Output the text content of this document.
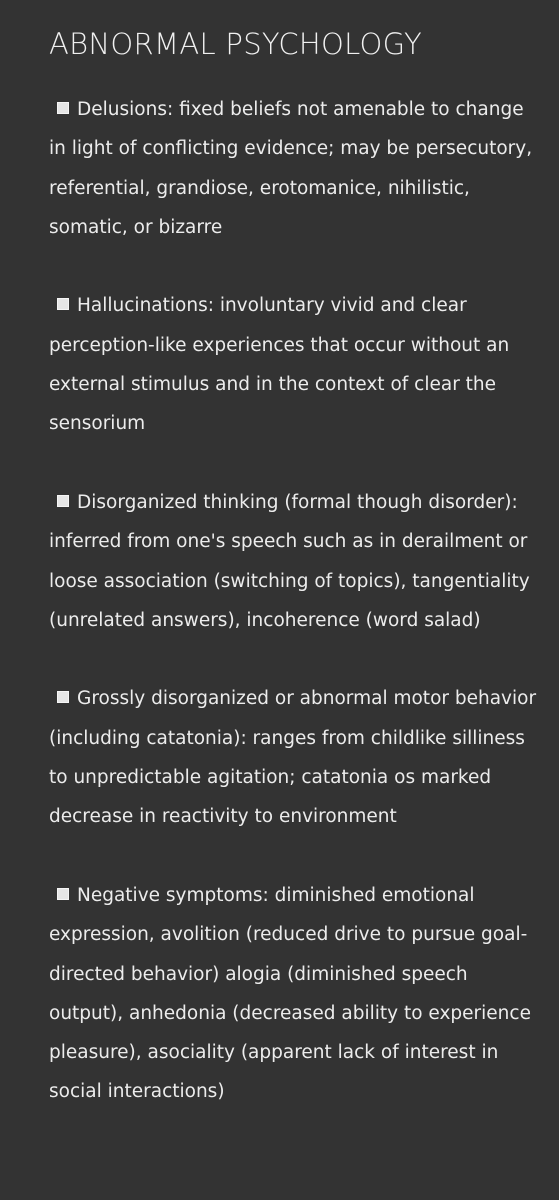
ABNORMAL PSYCHOLOGY

Delusions: fixed beliefs not amenable to change in light of conflicting evidence; may be persecutory, referential, grandiose, erotomanice, nihilistic, somatic, or bizarre

Hallucinations: involuntary vivid and clear perception-like experiences that occur without an external stimulus and in the context of clear the sensorium

Disorganized thinking (formal though disorder): inferred from one's speech such as in derailment or loose association (switching of topics), tangentiality (unrelated answers), incoherence (word salad)

Grossly disorganized or abnormal motor behavior (including catatonia): ranges from childlike silliness to unpredictable agitation; catatonia os marked decrease in reactivity to environment

Negative symptoms: diminished emotional expression, avolition (reduced drive to pursue goal-directed behavior) alogia (diminished speech output), anhedonia (decreased ability to experience pleasure), asociality (apparent lack of interest in social interactions)
